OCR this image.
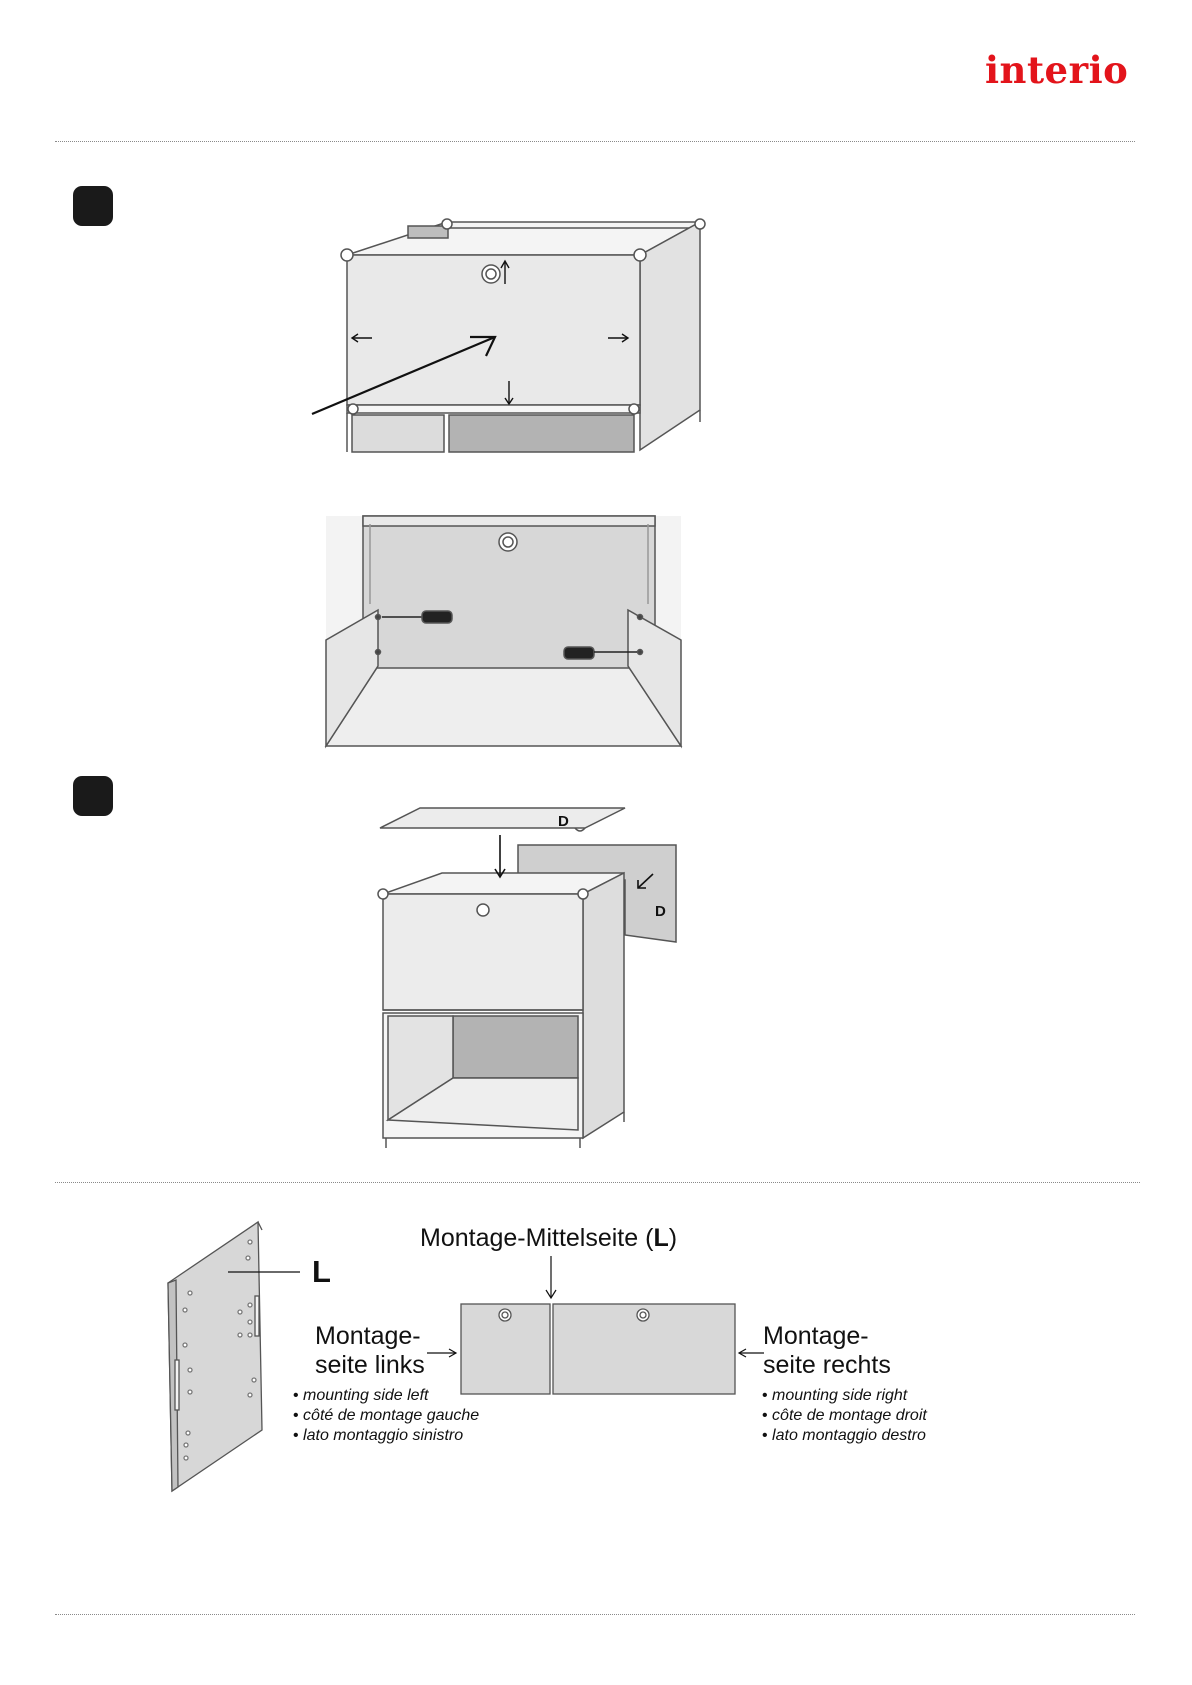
interio
D
D
Montage-Mittelseite (L)
L
Montage-
seite links
• mounting side left
• côté de montage gauche
• lato montaggio sinistro
Montage-
seite rechts
• mounting side right
• côte de montage droit
• lato montaggio destro
